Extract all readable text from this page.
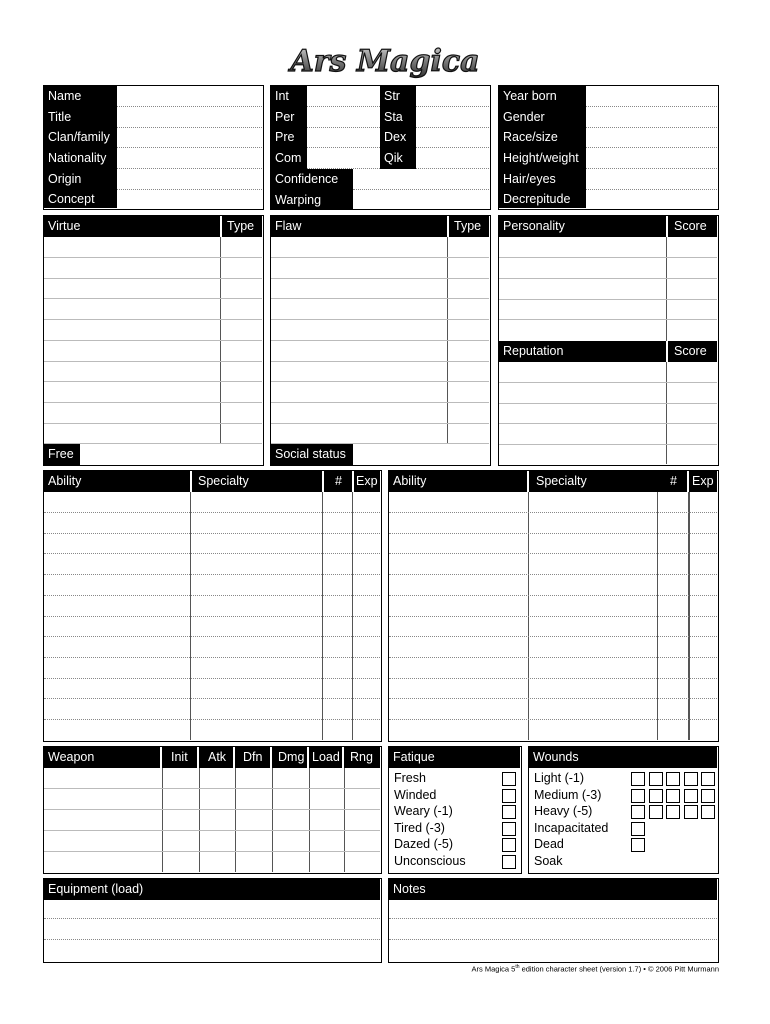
Ars Magica
Name
Title
Clan/family
Nationality
Origin
Concept
Int	Str
Per	Sta
Pre	Dex
Com	Qik
Confidence
Warping
Year born
Gender
Race/size
Height/weight
Hair/eyes
Decrepitude
Virtue	Type
Free
Flaw	Type
Social status
Personality	Score
Reputation	Score
Ability	Specialty	#	Exp	Ability	Specialty	#	Exp
Weapon	Init	Atk	Dfn	Dmg Load Rng	Fatique
Fresh
Winded
Weary (-1)
Tired (-3)
Dazed (-5)
Unconscious
Wounds
Light (-1)
Medium (-3)
Heavy (-5)
Incapacitated
Dead
Soak
Equipment (load)	Notes
Ars Magica 5th edition character sheet (version 1.7) • © 2006 Pitt Murmann
